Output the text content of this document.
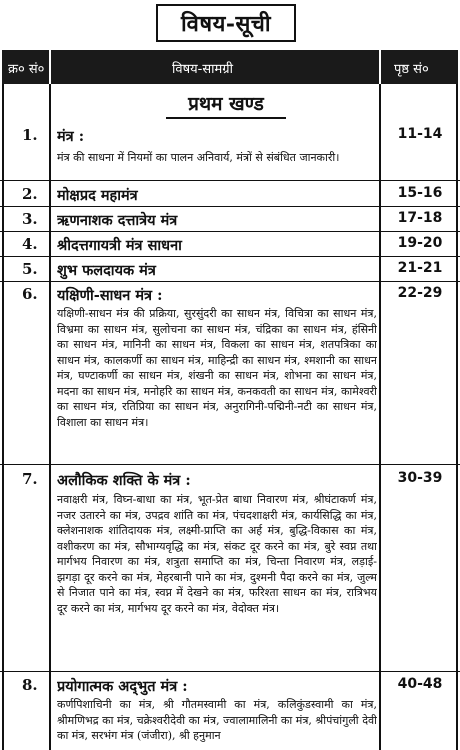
विषय-सूची
क्र० सं०	विषय-सामग्री	पृष्ठ सं०
प्रथम खण्ड
1.	मंत्र :	11-14
मंत्र की साधना में नियमों का पालन अनिवार्य, मंत्रों से संबंधित जानकारी।
2.	मोक्षप्रद महामंत्र	15-16
3.	ऋणनाशक दत्तात्रेय मंत्र	17-18
4.	श्रीदत्तगायत्री मंत्र साधना	19-20
5.	शुभ फलदायक मंत्र	21-21
6.	यक्षिणी-साधन मंत्र :	22-29
यक्षिणी-साधन मंत्र की प्रक्रिया, सुरसुंदरी का साधन मंत्र, विचित्रा का साधन मंत्र, विभ्रमा का साधन मंत्र, सुलोचना का साधन मंत्र, चंद्रिका का साधन मंत्र, हंसिनी का साधन मंत्र, मानिनी का साधन मंत्र, विकला का साधन मंत्र, शतपत्रिका का साधन मंत्र, कालकर्णी का साधन मंत्र, माहिन्द्री का साधन मंत्र, श्मशानी का साधन मंत्र, घण्टाकर्णी का साधन मंत्र, शंखनी का साधन मंत्र, शोभना का साधन मंत्र, मदना का साधन मंत्र, मनोहरि का साधन मंत्र, कनकवती का साधन मंत्र, कामेश्वरी का साधन मंत्र, रतिप्रिया का साधन मंत्र, अनुरागिनी-पद्मिनी-नटी का साधन मंत्र, विशाला का साधन मंत्र।
7.	अलौकिक शक्ति के मंत्र :	30-39
नवाक्षरी मंत्र, विघ्न-बाधा का मंत्र, भूत-प्रेत बाधा निवारण मंत्र, श्रीघंटाकर्ण मंत्र, नजर उतारने का मंत्र, उपद्रव शांति का मंत्र, पंचदशाक्षरी मंत्र, कार्यसिद्धि का मंत्र, क्लेशनाशक शांतिदायक मंत्र, लक्ष्मी-प्राप्ति का अर्ह मंत्र, बुद्धि-विकास का मंत्र, वशीकरण का मंत्र, सौभाग्यवृद्धि का मंत्र, संकट दूर करने का मंत्र, बुरे स्वप्न तथा मार्गभय निवारण का मंत्र, शत्रुता समाप्ति का मंत्र, चिन्ता निवारण मंत्र, लड़ाई-झगड़ा दूर करने का मंत्र, मेहरबानी पाने का मंत्र, दुश्मनी पैदा करने का मंत्र, जुल्म से निजात पाने का मंत्र, स्वप्न में देखने का मंत्र, फरिश्ता साधन का मंत्र, रात्रिभय दूर करने का मंत्र, मार्गभय दूर करने का मंत्र, वेदोक्त मंत्र।
8.	प्रयोगात्मक अद्‌भुत मंत्र :	40-48
कर्णपिशाचिनी का मंत्र, श्री गौतमस्वामी का मंत्र, कलिकुंडस्वामी का मंत्र, श्रीमणिभद्र का मंत्र, चक्रेश्वरीदेवी का मंत्र, ज्वालामालिनी का मंत्र, श्रीपंचांगुली देवी का मंत्र, सरभंग मंत्र (जंजीरा), श्री हनुमान
